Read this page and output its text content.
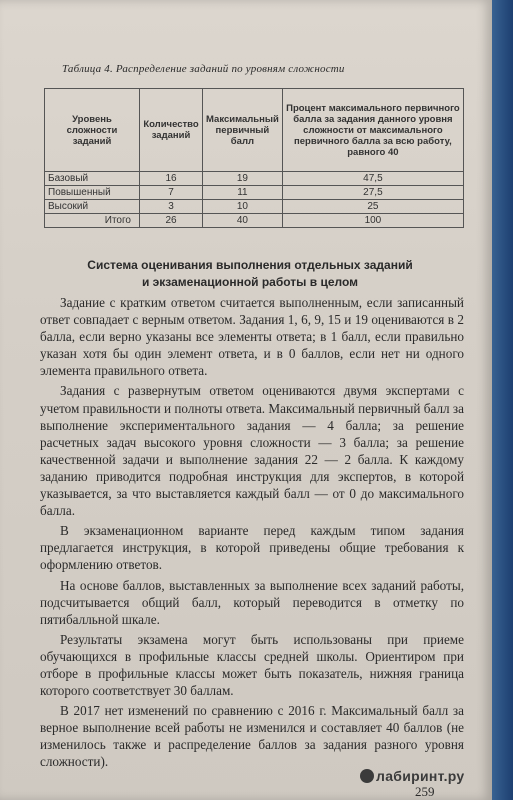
Таблица 4. Распределение заданий по уровням сложности
Уровень сложности заданий	Количество заданий	Максимальный первичный балл	Процент максимального первичного балла за задания данного уровня сложности от максимального первичного балла за всю работу, равного 40
Базовый	16	19	47,5
Повышенный	7	11	27,5
Высокий	3	10	25
Итого	26	40	100
Система оценивания выполнения отдельных заданий
и экзаменационной работы в целом

Задание с кратким ответом считается выполненным, если записанный ответ совпадает с верным ответом. Задания 1, 6, 9, 15 и 19 оцениваются в 2 балла, если верно указаны все элементы ответа; в 1 балл, если правильно указан хотя бы один элемент ответа, и в 0 баллов, если нет ни одного элемента правильного ответа.

Задания с развернутым ответом оцениваются двумя экспертами с учетом правильности и полноты ответа. Максимальный первичный балл за выполнение экспериментального задания — 4 балла; за решение расчетных задач высокого уровня сложности — 3 балла; за решение качественной задачи и выполнение задания 22 — 2 балла. К каждому заданию приводится подробная инструкция для экспертов, в которой указывается, за что выставляется каждый балл — от 0 до максимального балла.

В экзаменационном варианте перед каждым типом задания предлагается инструкция, в которой приведены общие требования к оформлению ответов.

На основе баллов, выставленных за выполнение всех заданий работы, подсчитывается общий балл, который переводится в отметку по пятибалльной шкале.

Результаты экзамена могут быть использованы при приеме обучающихся в профильные классы средней школы. Ориентиром при отборе в профильные классы может быть показатель, нижняя граница которого соответствует 30 баллам.

В 2017 нет изменений по сравнению с 2016 г. Максимальный балл за верное выполнение всей работы не изменился и составляет 40 баллов (не изменилось также и распределение баллов за задания разного уровня сложности).

лабиринт.ру
259
